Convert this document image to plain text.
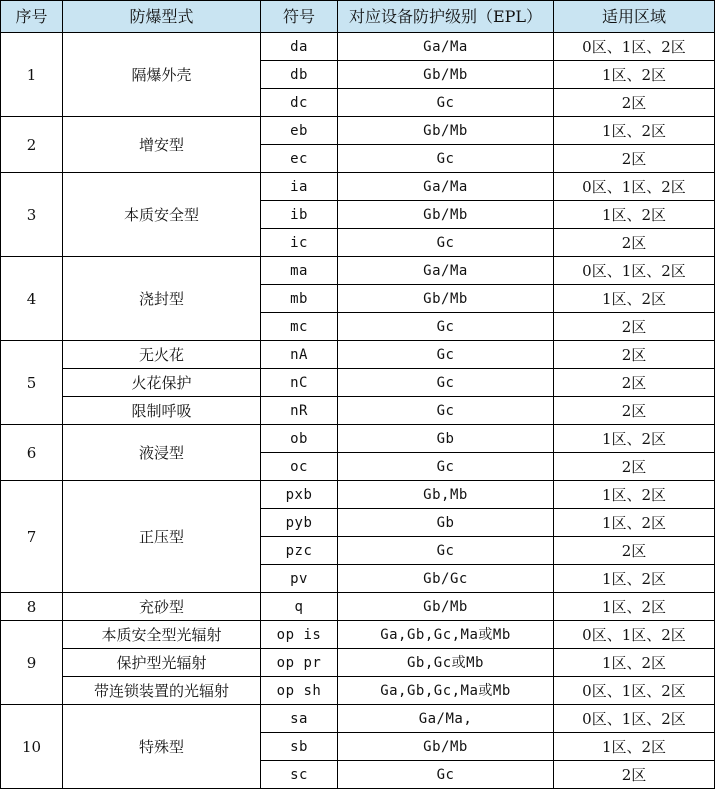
序号	防爆型式	符号	对应设备防护级别（EPL）	适用区域
1	隔爆外壳	da	Ga/Ma	0区、1区、2区
		db	Gb/Mb	1区、2区
		dc	Gc	2区
2	增安型	eb	Gb/Mb	1区、2区
		ec	Gc	2区
3	本质安全型	ia	Ga/Ma	0区、1区、2区
		ib	Gb/Mb	1区、2区
		ic	Gc	2区
4	浇封型	ma	Ga/Ma	0区、1区、2区
		mb	Gb/Mb	1区、2区
		mc	Gc	2区
5	无火花	nA	Gc	2区
	火花保护	nC	Gc	2区
	限制呼吸	nR	Gc	2区
6	液浸型	ob	Gb	1区、2区
		oc	Gc	2区
7	正压型	pxb	Gb,Mb	1区、2区
		pyb	Gb	1区、2区
		pzc	Gc	2区
		pv	Gb/Gc	1区、2区
8	充砂型	q	Gb/Mb	1区、2区
9	本质安全型光辐射	op is	Ga,Gb,Gc,Ma或Mb	0区、1区、2区
	保护型光辐射	op pr	Gb,Gc或Mb	1区、2区
	带连锁装置的光辐射	op sh	Ga,Gb,Gc,Ma或Mb	0区、1区、2区
10	特殊型	sa	Ga/Ma,	0区、1区、2区
		sb	Gb/Mb	1区、2区
		sc	Gc	2区
